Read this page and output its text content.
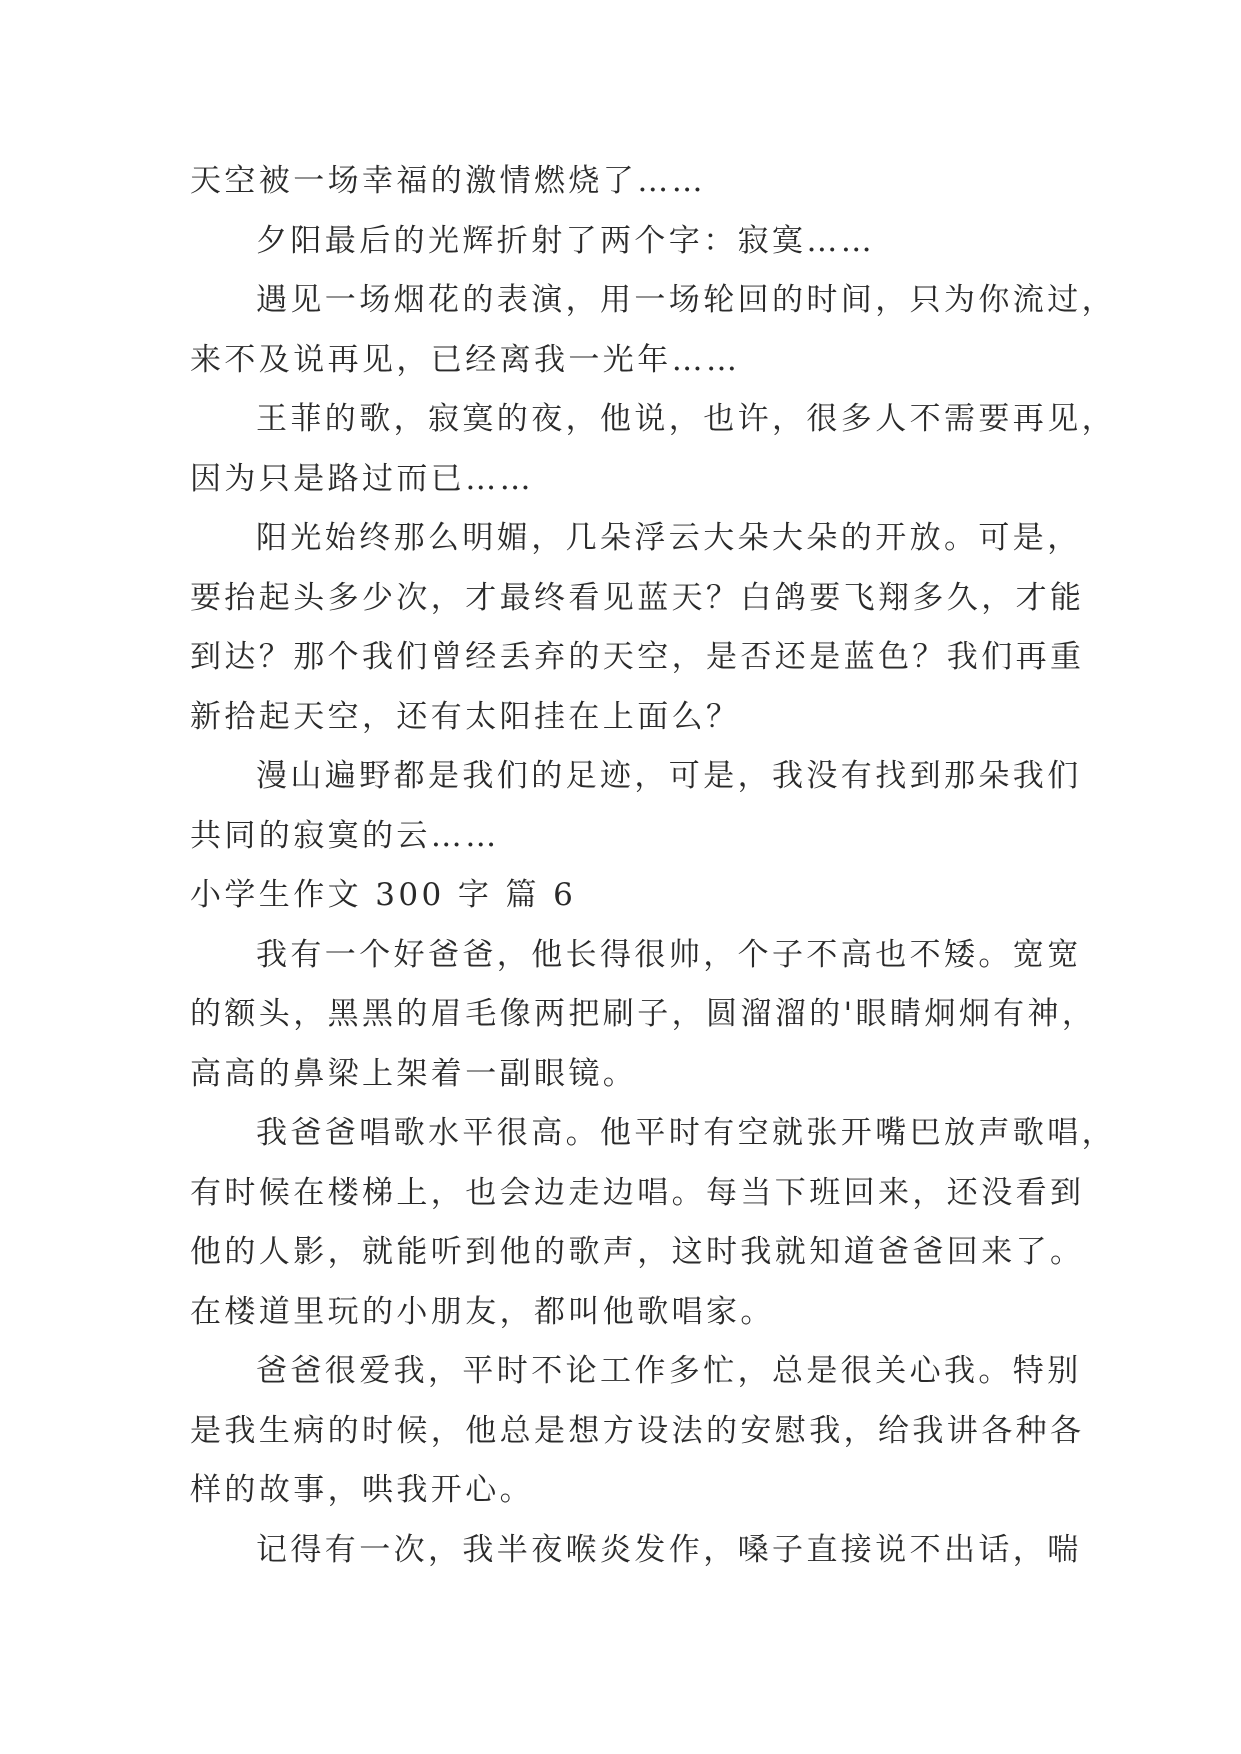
天空被一场幸福的激情燃烧了……
夕阳最后的光辉折射了两个字：寂寞……
遇见一场烟花的表演，用一场轮回的时间，只为你流过，
来不及说再见，已经离我一光年……
王菲的歌，寂寞的夜，他说，也许，很多人不需要再见，
因为只是路过而已……
阳光始终那么明媚，几朵浮云大朵大朵的开放。可是，
要抬起头多少次，才最终看见蓝天？白鸽要飞翔多久，才能
到达？那个我们曾经丢弃的天空，是否还是蓝色？我们再重
新拾起天空，还有太阳挂在上面么？
漫山遍野都是我们的足迹，可是，我没有找到那朵我们
共同的寂寞的云……
小学生作文 300 字 篇 6
我有一个好爸爸，他长得很帅，个子不高也不矮。宽宽
的额头，黑黑的眉毛像两把刷子，圆溜溜的'眼睛炯炯有神，
高高的鼻梁上架着一副眼镜。
我爸爸唱歌水平很高。他平时有空就张开嘴巴放声歌唱，
有时候在楼梯上，也会边走边唱。每当下班回来，还没看到
他的人影，就能听到他的歌声，这时我就知道爸爸回来了。
在楼道里玩的小朋友，都叫他歌唱家。
爸爸很爱我，平时不论工作多忙，总是很关心我。特别
是我生病的时候，他总是想方设法的安慰我，给我讲各种各
样的故事，哄我开心。
记得有一次，我半夜喉炎发作，嗓子直接说不出话，喘
